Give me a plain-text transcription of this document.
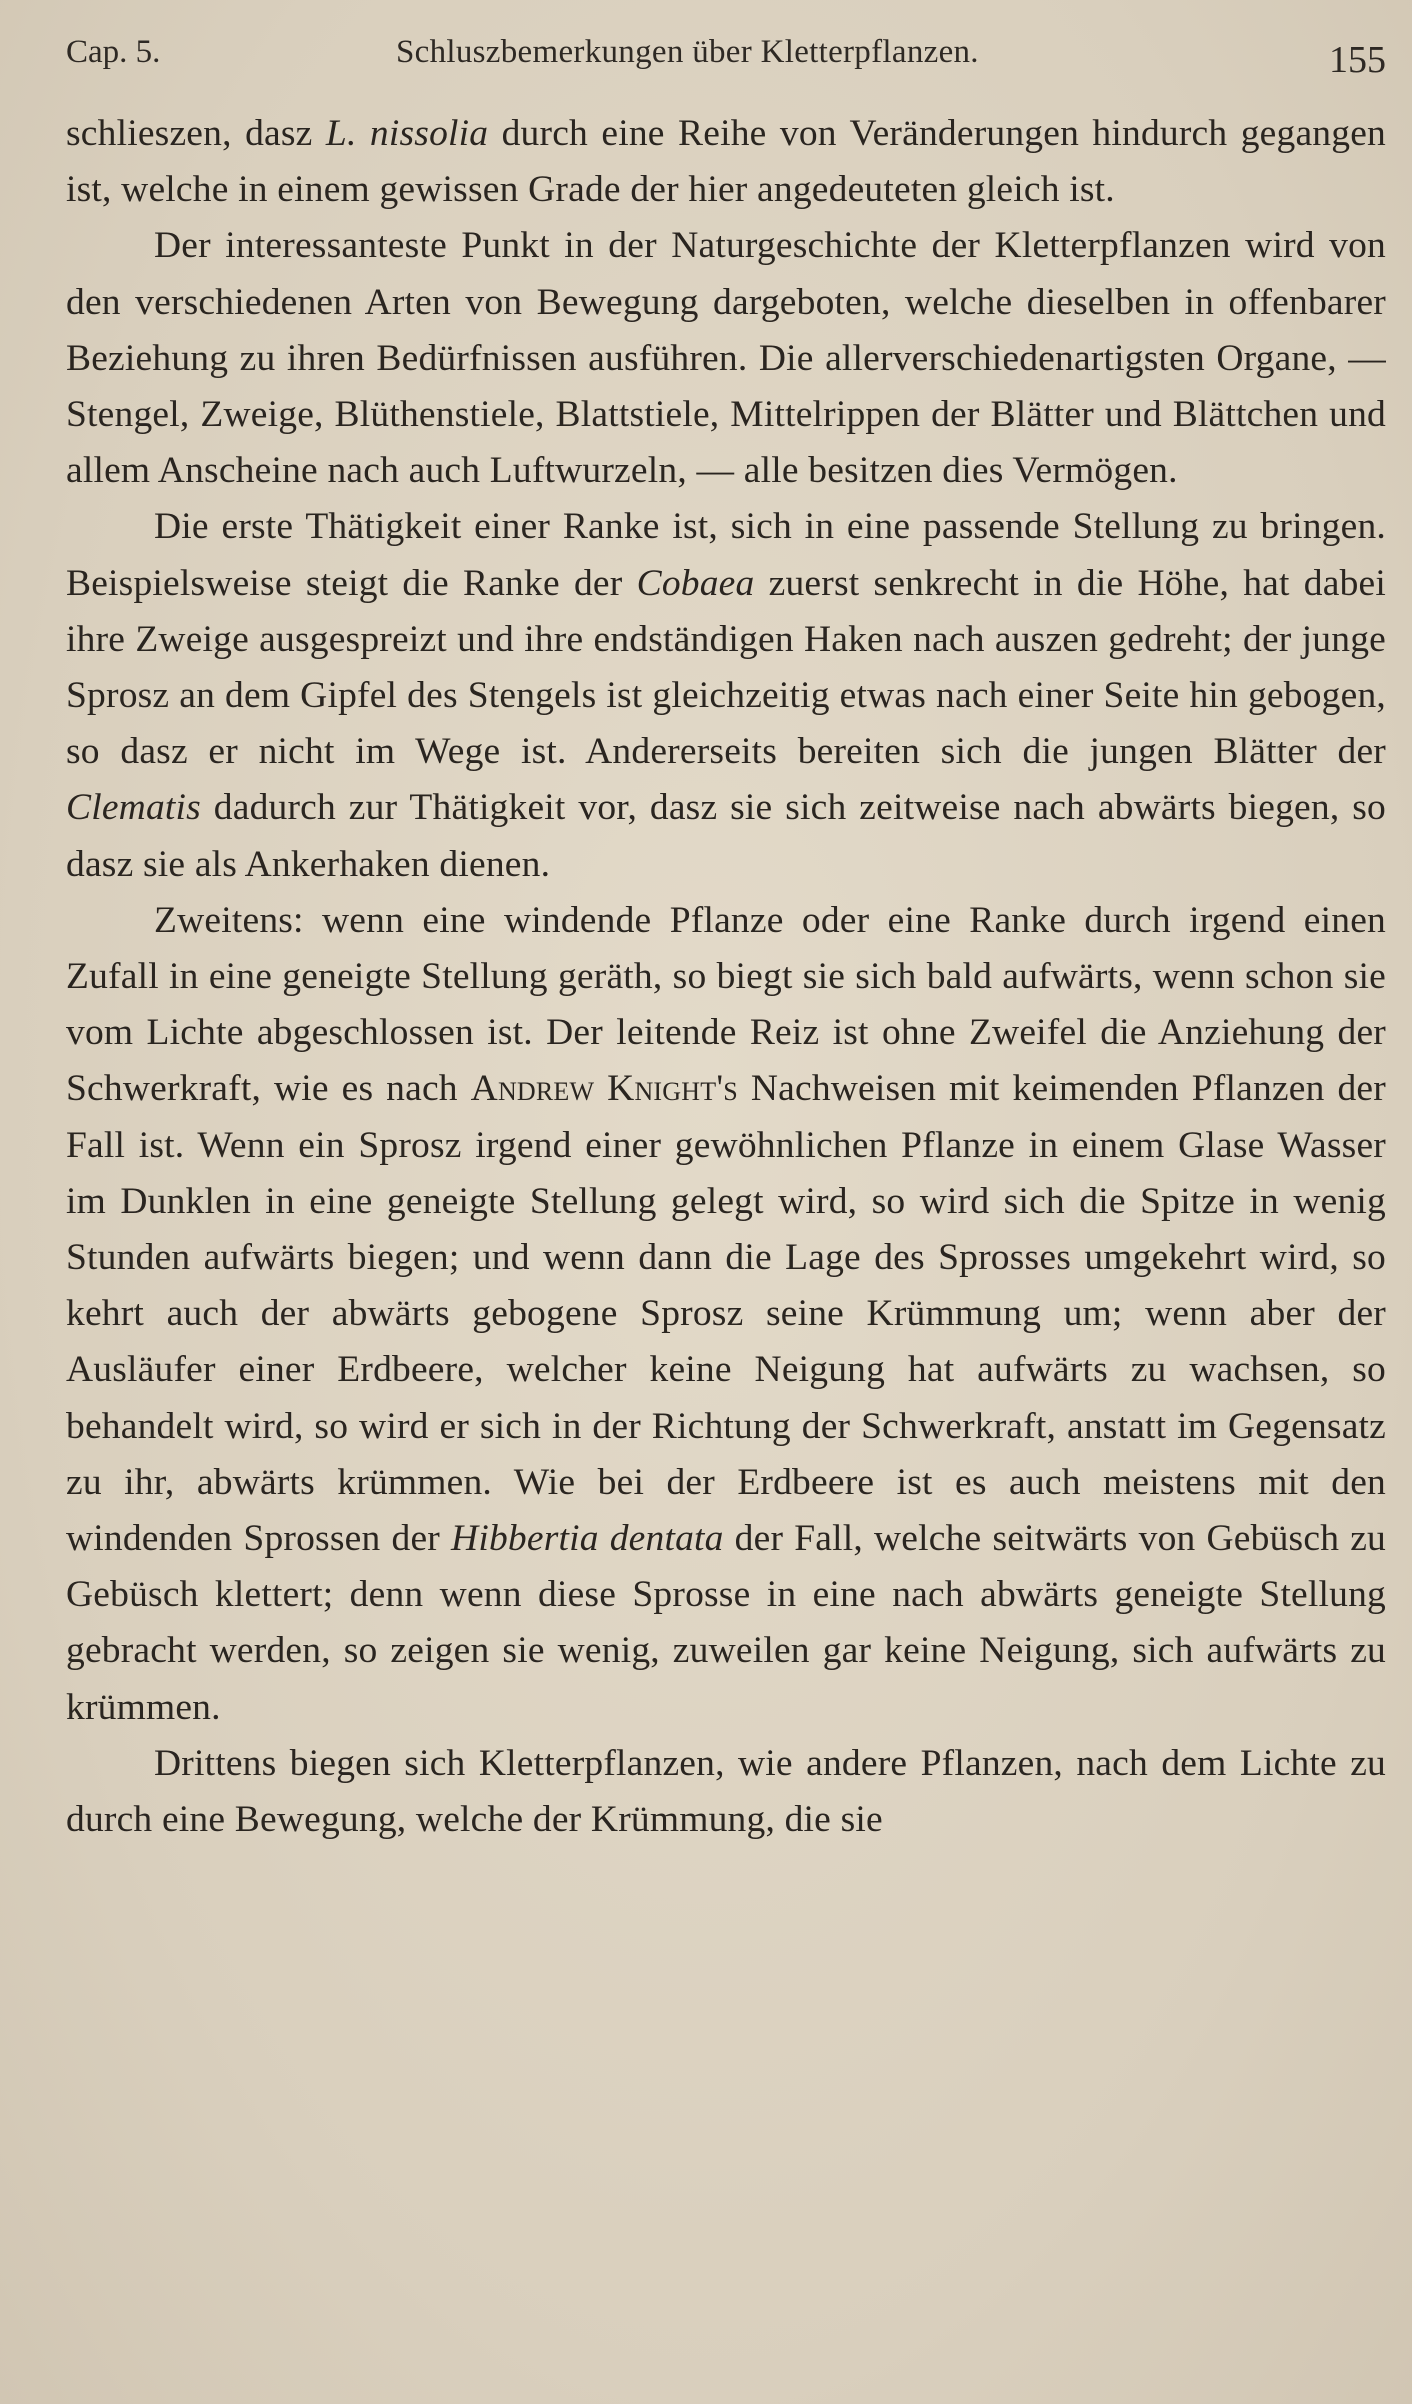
Cap. 5.	Schluszbemerkungen über Kletterpflanzen.	155

schlieszen, dasz L. nissolia durch eine Reihe von Veränderungen hindurch gegangen ist, welche in einem gewissen Grade der hier angedeuteten gleich ist.

Der interessanteste Punkt in der Naturgeschichte der Kletterpflanzen wird von den verschiedenen Arten von Bewegung dargeboten, welche dieselben in offenbarer Beziehung zu ihren Bedürfnissen ausführen. Die allerverschiedenartigsten Organe, — Stengel, Zweige, Blüthenstiele, Blattstiele, Mittelrippen der Blätter und Blättchen und allem Anscheine nach auch Luftwurzeln, — alle besitzen dies Vermögen.

Die erste Thätigkeit einer Ranke ist, sich in eine passende Stellung zu bringen. Beispielsweise steigt die Ranke der Cobaea zuerst senkrecht in die Höhe, hat dabei ihre Zweige ausgespreizt und ihre endständigen Haken nach auszen gedreht; der junge Sprosz an dem Gipfel des Stengels ist gleichzeitig etwas nach einer Seite hin gebogen, so dasz er nicht im Wege ist. Andererseits bereiten sich die jungen Blätter der Clematis dadurch zur Thätigkeit vor, dasz sie sich zeitweise nach abwärts biegen, so dasz sie als Ankerhaken dienen.

Zweitens: wenn eine windende Pflanze oder eine Ranke durch irgend einen Zufall in eine geneigte Stellung geräth, so biegt sie sich bald aufwärts, wenn schon sie vom Lichte abgeschlossen ist. Der leitende Reiz ist ohne Zweifel die Anziehung der Schwerkraft, wie es nach Andrew Knight's Nachweisen mit keimenden Pflanzen der Fall ist. Wenn ein Sprosz irgend einer gewöhnlichen Pflanze in einem Glase Wasser im Dunklen in eine geneigte Stellung gelegt wird, so wird sich die Spitze in wenig Stunden aufwärts biegen; und wenn dann die Lage des Sprosses umgekehrt wird, so kehrt auch der abwärts gebogene Sprosz seine Krümmung um; wenn aber der Ausläufer einer Erdbeere, welcher keine Neigung hat aufwärts zu wachsen, so behandelt wird, so wird er sich in der Richtung der Schwerkraft, anstatt im Gegensatz zu ihr, abwärts krümmen. Wie bei der Erdbeere ist es auch meistens mit den windenden Sprossen der Hibbertia dentata der Fall, welche seitwärts von Gebüsch zu Gebüsch klettert; denn wenn diese Sprosse in eine nach abwärts geneigte Stellung gebracht werden, so zeigen sie wenig, zuweilen gar keine Neigung, sich aufwärts zu krümmen.

Drittens biegen sich Kletterpflanzen, wie andere Pflanzen, nach dem Lichte zu durch eine Bewegung, welche der Krümmung, die sie
